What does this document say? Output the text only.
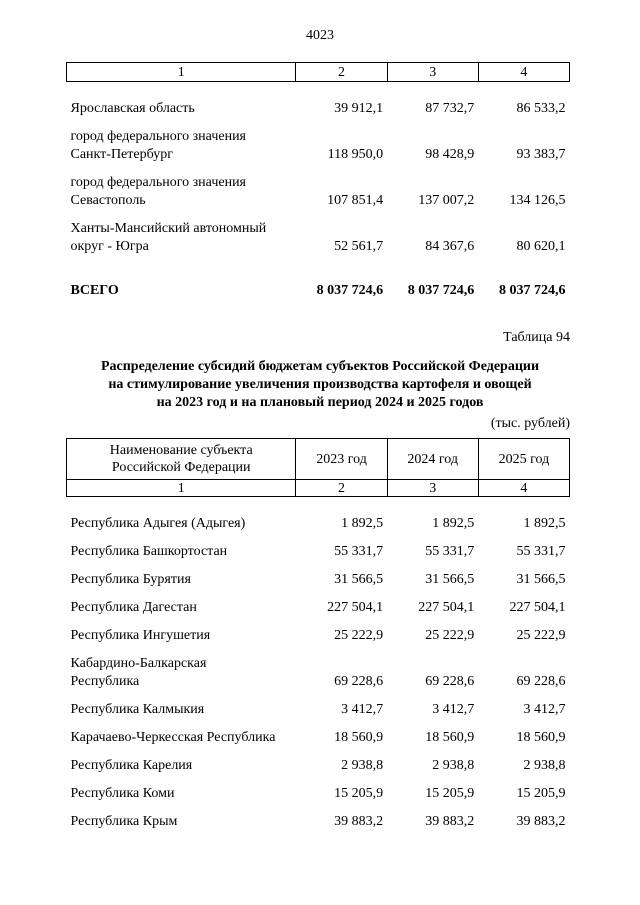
4023
1	2	3	4
Ярославская область	39 912,1	87 732,7	86 533,2
город федерального значения
Санкт-Петербург	118 950,0	98 428,9	93 383,7
город федерального значения
Севастополь	107 851,4	137 007,2	134 126,5
Ханты-Мансийский автономный
округ - Югра	52 561,7	84 367,6	80 620,1
ВСЕГО	8 037 724,6	8 037 724,6	8 037 724,6
Таблица 94
Распределение субсидий бюджетам субъектов Российской Федерации
на стимулирование увеличения производства картофеля и овощей
на 2023 год и на плановый период 2024 и 2025 годов
(тыс. рублей)
Наименование субъекта
Российской Федерации	2023 год	2024 год	2025 год
1	2	3	4
Республика Адыгея (Адыгея)	1 892,5	1 892,5	1 892,5
Республика Башкортостан	55 331,7	55 331,7	55 331,7
Республика Бурятия	31 566,5	31 566,5	31 566,5
Республика Дагестан	227 504,1	227 504,1	227 504,1
Республика Ингушетия	25 222,9	25 222,9	25 222,9
Кабардино-Балкарская
Республика	69 228,6	69 228,6	69 228,6
Республика Калмыкия	3 412,7	3 412,7	3 412,7
Карачаево-Черкесская Республика	18 560,9	18 560,9	18 560,9
Республика Карелия	2 938,8	2 938,8	2 938,8
Республика Коми	15 205,9	15 205,9	15 205,9
Республика Крым	39 883,2	39 883,2	39 883,2
